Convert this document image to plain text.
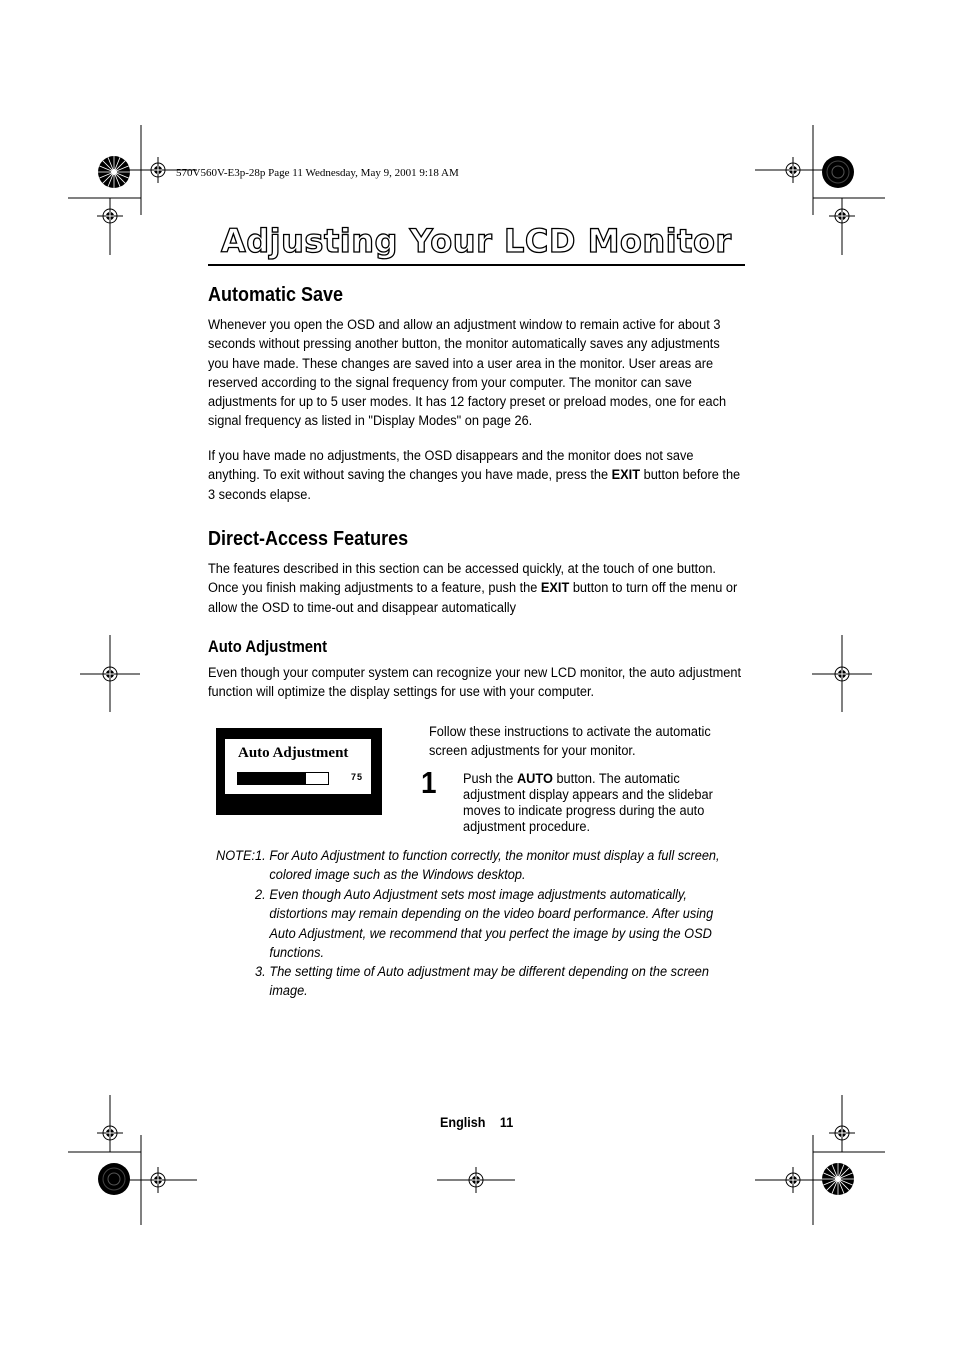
570V560V-E3p-28p Page 11 Wednesday, May 9, 2001 9:18 AM
Adjusting Your LCD Monitor
Automatic Save

Whenever you open the OSD and allow an adjustment window to remain active for about 3 seconds without pressing another button, the monitor automatically saves any adjustments you have made. These changes are saved into a user area in the monitor. User areas are reserved according to the signal frequency from your computer. The monitor can save adjustments for up to 5 user modes. It has 12 factory preset or preload modes, one for each signal frequency as listed in "Display Modes" on page 26.

If you have made no adjustments, the OSD disappears and the monitor does not save anything. To exit without saving the changes you have made, press the EXIT button before the 3 seconds elapse.

Direct-Access Features

The features described in this section can be accessed quickly, at the touch of one button. Once you finish making adjustments to a feature, push the EXIT button to turn off the menu or allow the OSD to time-out and disappear automatically

Auto Adjustment

Even though your computer system can recognize your new LCD monitor, the auto adjustment function will optimize the display settings for use with your computer.

Auto Adjustment
75

Follow these instructions to activate the automatic screen adjustments for your monitor.

1 Push the AUTO button. The automatic adjustment display appears and the slidebar moves to indicate progress during the auto adjustment procedure.

NOTE: 1. For Auto Adjustment to function correctly, the monitor must display a full screen, colored image such as the Windows desktop.
2. Even though Auto Adjustment sets most image adjustments automatically, distortions may remain depending on the video board performance. After using Auto Adjustment, we recommend that you perfect the image by using the OSD functions.
3. The setting time of Auto adjustment may be different depending on the screen image.
English 11
